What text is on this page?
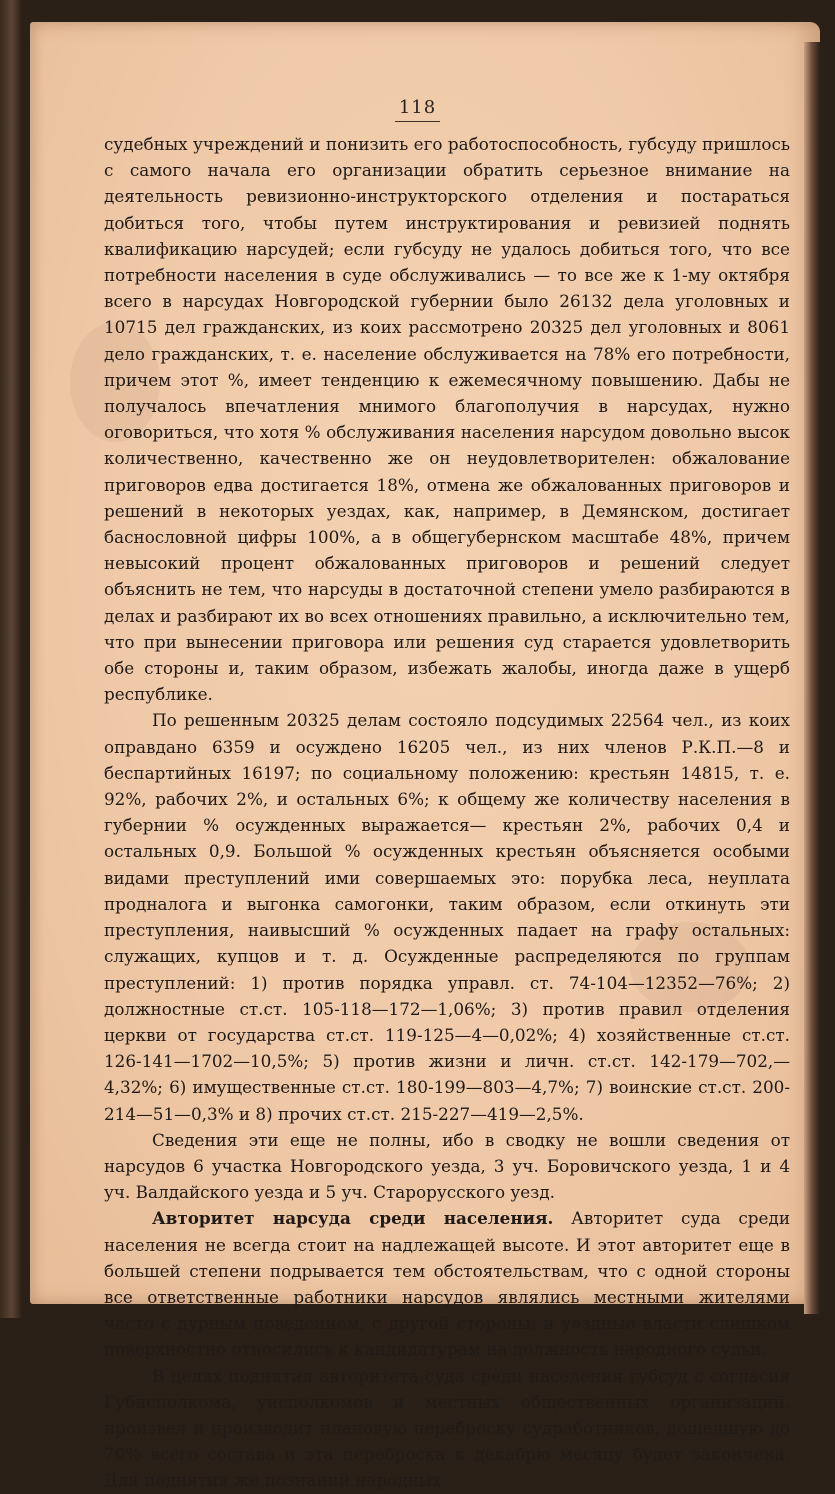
118

судебных учреждений и понизить его работоспособность, губсуду пришлось с самого начала его организации обратить серьезное внимание на деятельность ревизионно-инструкторского отделения и постараться добиться того, чтобы путем инструктирования и ревизией поднять квалификацию нарсудей; если губсуду не удалось добиться того, что все потребности населения в суде обслуживались — то все же к 1-му октября всего в нарсудах Новгородской губернии было 26132 дела уголовных и 10715 дел гражданских, из коих рассмотрено 20325 дел уголовных и 8061 дело гражданских, т. е. население обслуживается на 78% его потребности, причем этот %, имеет тенденцию к ежемесячному повышению. Дабы не получалось впечатления мнимого благополучия в нарсудах, нужно оговориться, что хотя % обслуживания населения нарсудом довольно высок количественно, качественно же он неудовлетворителен: обжалование приговоров едва достигается 18%, отмена же обжалованных приговоров и решений в некоторых уездах, как, например, в Демянском, достигает баснословной цифры 100%, а в общегубернском масштабе 48%, причем невысокий процент обжалованных приговоров и решений следует объяснить не тем, что нарсуды в достаточной степени умело разбираются в делах и разбирают их во всех отношениях правильно, а исключительно тем, что при вынесении приговора или решения суд старается удовлетворить обе стороны и, таким образом, избежать жалобы, иногда даже в ущерб республике.

По решенным 20325 делам состояло подсудимых 22564 чел., из коих оправдано 6359 и осуждено 16205 чел., из них членов Р.К.П.—8 и беспартийных 16197; по социальному положению: крестьян 14815, т. е. 92%, рабочих 2%, и остальных 6%; к общему же количеству населения в губернии % осужденных выражается— крестьян 2%, рабочих 0,4 и остальных 0,9. Большой % осужденных крестьян объясняется особыми видами преступлений ими совершаемых это: порубка леса, неуплата продналога и выгонка самогонки, таким образом, если откинуть эти преступления, наивысший % осужденных падает на графу остальных: служащих, купцов и т. д. Осужденные распределяются по группам преступлений: 1) против порядка управл. ст. 74-104—12352—76%; 2) должностные ст.ст. 105-118—172—1,06%; 3) против правил отделения церкви от государства ст.ст. 119-125—4—0,02%; 4) хозяйственные ст.ст. 126-141—1702—10,5%; 5) против жизни и личн. ст.ст. 142-179—702,—4,32%; 6) имущественные ст.ст. 180-199—803—4,7%; 7) воинские ст.ст. 200-214—51—0,3% и 8) прочих ст.ст. 215-227—419—2,5%.

Сведения эти еще не полны, ибо в сводку не вошли сведения от нарсудов 6 участка Новгородского уезда, 3 уч. Боровичского уезда, 1 и 4 уч. Валдайского уезда и 5 уч. Старорусского уезд.

Авторитет нарсуда среди населения. Авторитет суда среди населения не всегда стоит на надлежащей высоте. И этот авторитет еще в большей степени подрывается тем обстоятельствам, что с одной стороны все ответственные работники нарсудов являлись местными жителями часто с дурным поведением, с другой стороны, и уездные власти слишком поверхностно относились к кандидатурам на должность народного судьи.

В целях поднятия авторитета суда среди населения губсуд с согласия Губисполкома, уисполкомов и местных общественных организаций, произвел и производит плановую переброску судработников, дошедшую до 70% всего состава и эта переброска к декабрю месяцу будет закончена. Для поднятия же познаний народных
